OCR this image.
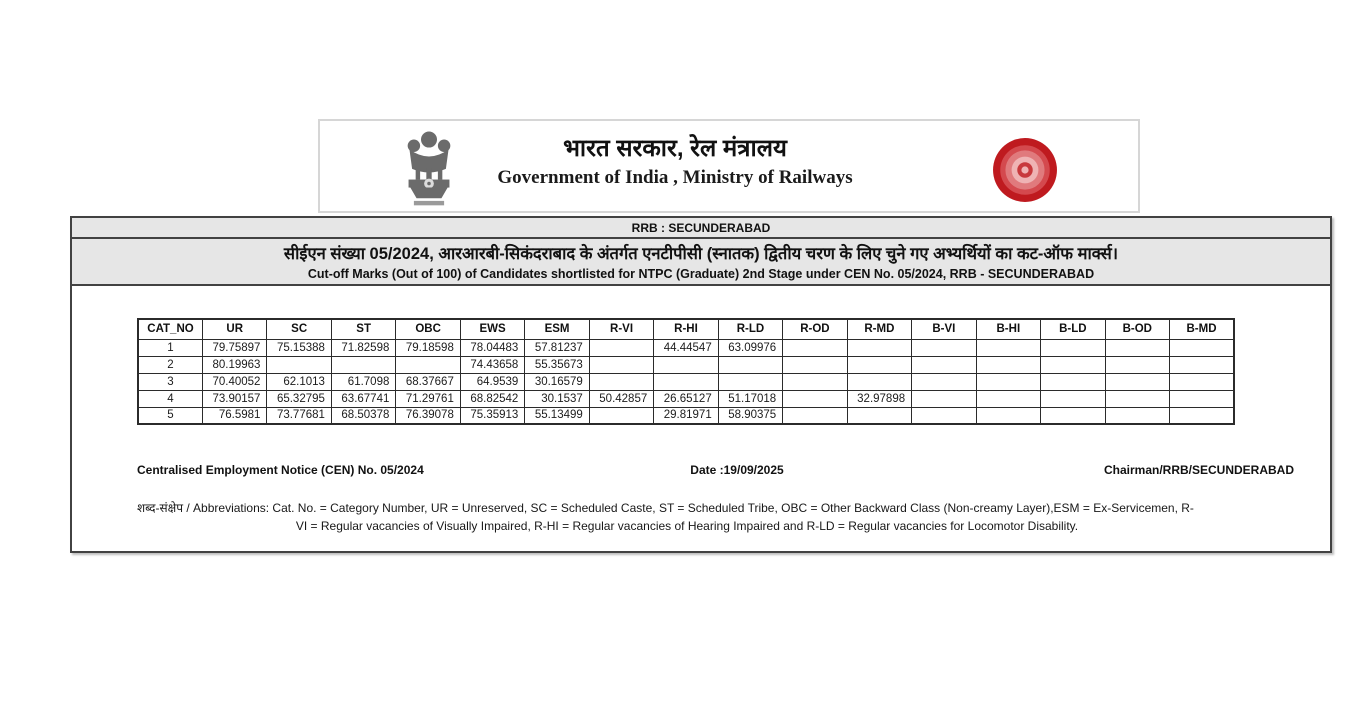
भारत सरकार, रेल मंत्रालय
Government of India , Ministry of Railways
RRB : SECUNDERABAD
सीईएन संख्या 05/2024, आरआरबी-सिकंदराबाद के अंतर्गत एनटीपीसी (स्नातक) द्वितीय चरण के लिए चुने गए अभ्यर्थियों का कट-ऑफ मार्क्स।
Cut-off Marks (Out of 100) of Candidates shortlisted for NTPC (Graduate) 2nd Stage under CEN No. 05/2024, RRB - SECUNDERABAD
CAT_NO	UR	SC	ST	OBC	EWS	ESM	R-VI	R-HI	R-LD	R-OD	R-MD	B-VI	B-HI	B-LD	B-OD	B-MD
1	79.75897	75.15388	71.82598	79.18598	78.04483	57.81237		44.44547	63.09976							
2	80.19963				74.43658	55.35673										
3	70.40052	62.1013	61.7098	68.37667	64.9539	30.16579										
4	73.90157	65.32795	63.67741	71.29761	68.82542	30.1537	50.42857	26.65127	51.17018		32.97898					
5	76.5981	73.77681	68.50378	76.39078	75.35913	55.13499		29.81971	58.90375							
Centralised Employment Notice (CEN) No. 05/2024	Date :19/09/2025	Chairman/RRB/SECUNDERABAD
शब्द-संक्षेप / Abbreviations: Cat. No. = Category Number, UR = Unreserved, SC = Scheduled Caste, ST = Scheduled Tribe, OBC = Other Backward Class (Non-creamy Layer),ESM = Ex-Servicemen, R-
VI = Regular vacancies of Visually Impaired, R-HI = Regular vacancies of Hearing Impaired and R-LD = Regular vacancies for Locomotor Disability.
